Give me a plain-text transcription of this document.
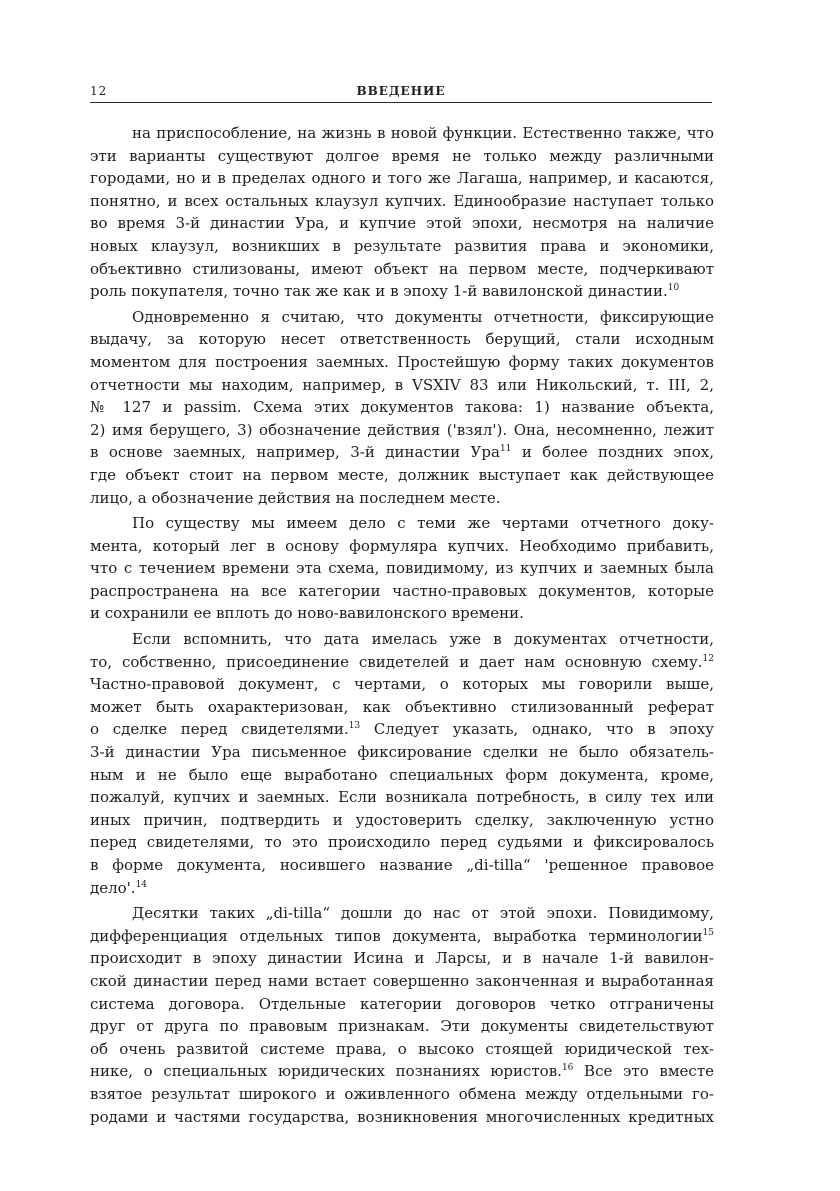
12	ВВЕДЕНИЕ
на приспособление, на жизнь в новой функции. Естественно также, что
эти варианты существуют долгое время не только между различными
городами, но и в пределах одного и того же Лагаша, например, и касаются,
понятно, и всех остальных клаузул купчих. Единообразие наступает только
во время 3-й династии Ура, и купчие этой эпохи, несмотря на наличие
новых клаузул, возникших в результате развития права и экономики,
объективно стилизованы, имеют объект на первом месте, подчеркивают
роль покупателя, точно так же как и в эпоху 1-й вавилонской династии.$^{10}$
Одновременно я считаю, что документы отчетности, фиксирующие
выдачу, за которую несет ответственность берущий, стали исходным
моментом для построения заемных. Простейшую форму таких документов
отчетности мы находим, например, в VSXIV 83 или Никольский, т. III, 2,
№ 127 и passim. Схема этих документов такова: 1) название объекта,
2) имя берущего, 3) обозначение действия ('взял'). Она, несомненно, лежит
в основе заемных, например, 3-й династии Ура$^{11}$ и более поздних эпох,
где объект стоит на первом месте, должник выступает как действующее
лицо, а обозначение действия на последнем месте.
По существу мы имеем дело с теми же чертами отчетного доку-
мента, который лег в основу формуляра купчих. Необходимо прибавить,
что с течением времени эта схема, повидимому, из купчих и заемных была
распространена на все категории частно-правовых документов, которые
и сохранили ее вплоть до ново-вавилонского времени.
Если вспомнить, что дата имелась уже в документах отчетности,
то, собственно, присоединение свидетелей и дает нам основную схему.$^{12}$
Частно-правовой документ, с чертами, о которых мы говорили выше,
может быть охарактеризован, как объективно стилизованный реферат
о сделке перед свидетелями.$^{13}$ Следует указать, однако, что в эпоху
3-й династии Ура письменное фиксирование сделки не было обязатель-
ным и не было еще выработано специальных форм документа, кроме,
пожалуй, купчих и заемных. Если возникала потребность, в силу тех или
иных причин, подтвердить и удостоверить сделку, заключенную устно
перед свидетелями, то это происходило перед судьями и фиксировалось
в форме документа, носившего название „di-tilla“ 'решенное правовое
дело'.$^{14}$
Десятки таких „di-tilla“ дошли до нас от этой эпохи. Повидимому,
дифференциация отдельных типов документа, выработка терминологии$^{15}$
происходит в эпоху династии Исина и Ларсы, и в начале 1-й вавилон-
ской династии перед нами встает совершенно законченная и выработанная
система договора. Отдельные категории договоров четко отграничены
друг от друга по правовым признакам. Эти документы свидетельствуют
об очень развитой системе права, о высоко стоящей юридической тех-
нике, о специальных юридических познаниях юристов.$^{16}$ Все это вместе
взятое результат широкого и оживленного обмена между отдельными го-
родами и частями государства, возникновения многочисленных кредитных
